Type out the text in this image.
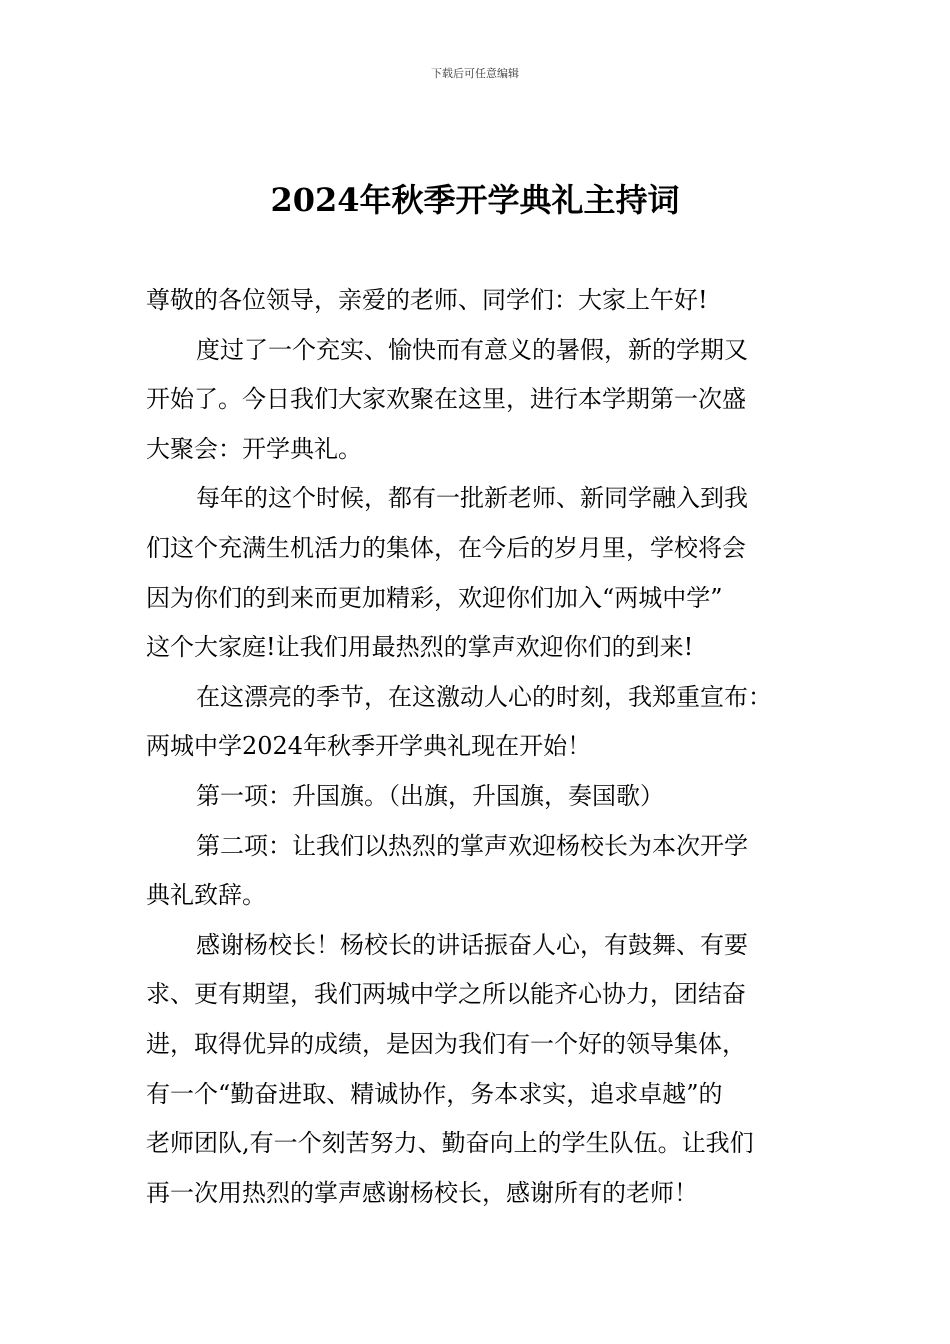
下载后可任意编辑
2024年秋季开学典礼主持词
尊敬的各位领导，亲爱的老师、同学们：大家上午好!
度过了一个充实、愉快而有意义的暑假，新的学期又
开始了。今日我们大家欢聚在这里，进行本学期第一次盛
大聚会：开学典礼。
每年的这个时候，都有一批新老师、新同学融入到我
们这个充满生机活力的集体，在今后的岁月里，学校将会
因为你们的到来而更加精彩，欢迎你们加入“两城中学”
这个大家庭!让我们用最热烈的掌声欢迎你们的到来!
在这漂亮的季节，在这激动人心的时刻，我郑重宣布：
两城中学2024年秋季开学典礼现在开始！
第一项：升国旗。（出旗，升国旗，奏国歌）
第二项：让我们以热烈的掌声欢迎杨校长为本次开学
典礼致辞。
感谢杨校长！杨校长的讲话振奋人心，有鼓舞、有要
求、更有期望，我们两城中学之所以能齐心协力，团结奋
进，取得优异的成绩，是因为我们有一个好的领导集体，
有一个“勤奋进取、精诚协作，务本求实，追求卓越”的
老师团队,有一个刻苦努力、勤奋向上的学生队伍。让我们
再一次用热烈的掌声感谢杨校长，感谢所有的老师！
